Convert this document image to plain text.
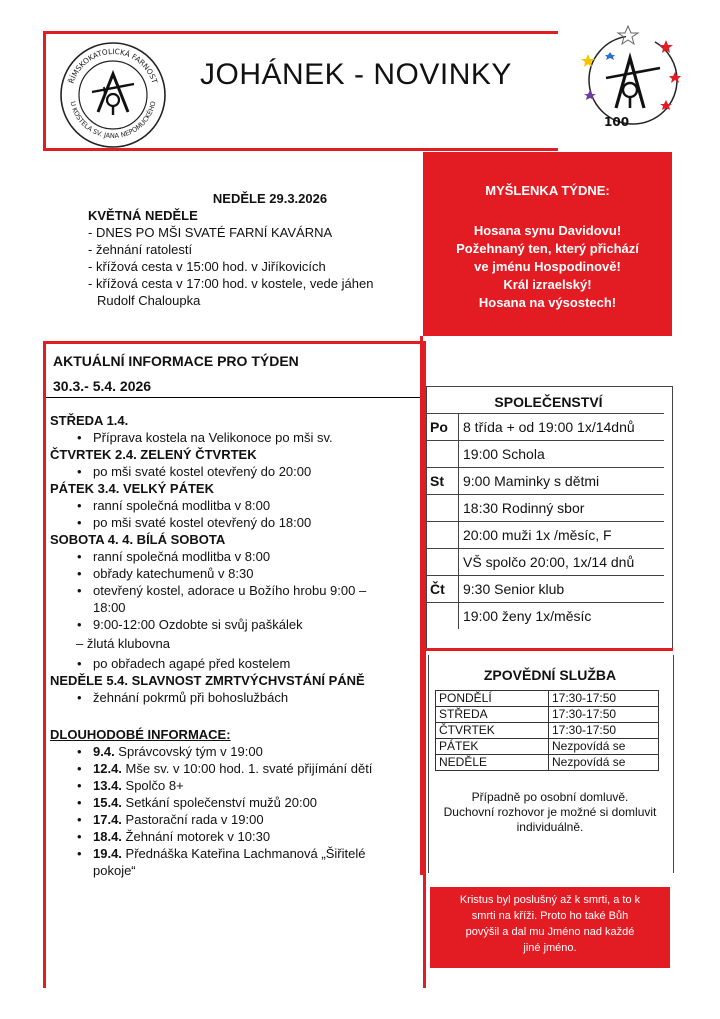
JOHÁNEK - NOVINKY
ŘÍMSKOKATOLICKÁ FARNOST
U KOSTELA SV. JANA NEPOMUCKÉHO
100
NEDĚLE 29.3.2026
KVĚTNÁ NEDĚLE
- DNES PO MŠI SVATÉ FARNÍ KAVÁRNA
- žehnání ratolestí
- křížová cesta v 15:00 hod. v Jiříkovicích
- křížová cesta v 17:00 hod. v kostele, vede jáhen
Rudolf Chaloupka
MYŠLENKA TÝDNE:
Hosana synu Davidovu!
Požehnaný ten, který přichází
ve jménu Hospodinově!
Král izraelský!
Hosana na výsostech!
AKTUÁLNÍ INFORMACE PRO TÝDEN
30.3.- 5.4. 2026
STŘEDA 1.4.
• Příprava kostela na Velikonoce po mši sv.
ČTVRTEK 2.4. ZELENÝ ČTVRTEK
• po mši svaté kostel otevřený do 20:00
PÁTEK 3.4. VELKÝ PÁTEK
• ranní společná modlitba v 8:00
• po mši svaté kostel otevřený do 18:00
SOBOTA 4. 4. BÍLÁ SOBOTA
• ranní společná modlitba v 8:00
• obřady katechumenů v 8:30
• otevřený kostel, adorace u Božího hrobu 9:00 –
18:00
• 9:00-12:00 Ozdobte si svůj paškálek
– žlutá klubovna
• po obřadech agapé před kostelem
NEDĚLE 5.4. SLAVNOST ZMRTVÝCHVSTÁNÍ PÁNĚ
• žehnání pokrmů při bohoslužbách
DLOUHODOBÉ INFORMACE:
• 9.4. Správcovský tým v 19:00
• 12.4. Mše sv. v 10:00 hod. 1. svaté přijímání dětí
• 13.4. Spolčo 8+
• 15.4. Setkání společenství mužů 20:00
• 17.4. Pastorační rada v 19:00
• 18.4. Žehnání motorek v 10:30
• 19.4. Přednáška Kateřina Lachmanová „Šiřitelé
pokoje“
SPOLEČENSTVÍ
Po	8 třída + od 19:00 1x/14dnů
	19:00 Schola
St	9:00 Maminky s dětmi
	18:30 Rodinný sbor
	20:00 muži 1x /měsíc, F
	VŠ spolčo 20:00, 1x/14 dnů
Čt	9:30 Senior klub
	19:00 ženy 1x/měsíc
ZPOVĚDNÍ SLUŽBA
PONDĚLÍ	17:30-17:50
STŘEDA	17:30-17:50
ČTVRTEK	17:30-17:50
PÁTEK	Nezpovídá se
NEDĚLE	Nezpovídá se
Případně po osobní domluvě.
Duchovní rozhovor je možné si domluvit
individuálně.
Kristus byl poslušný až k smrti, a to k
smrti na kříži. Proto ho také Bůh
povýšil a dal mu Jméno nad každé
jiné jméno.
